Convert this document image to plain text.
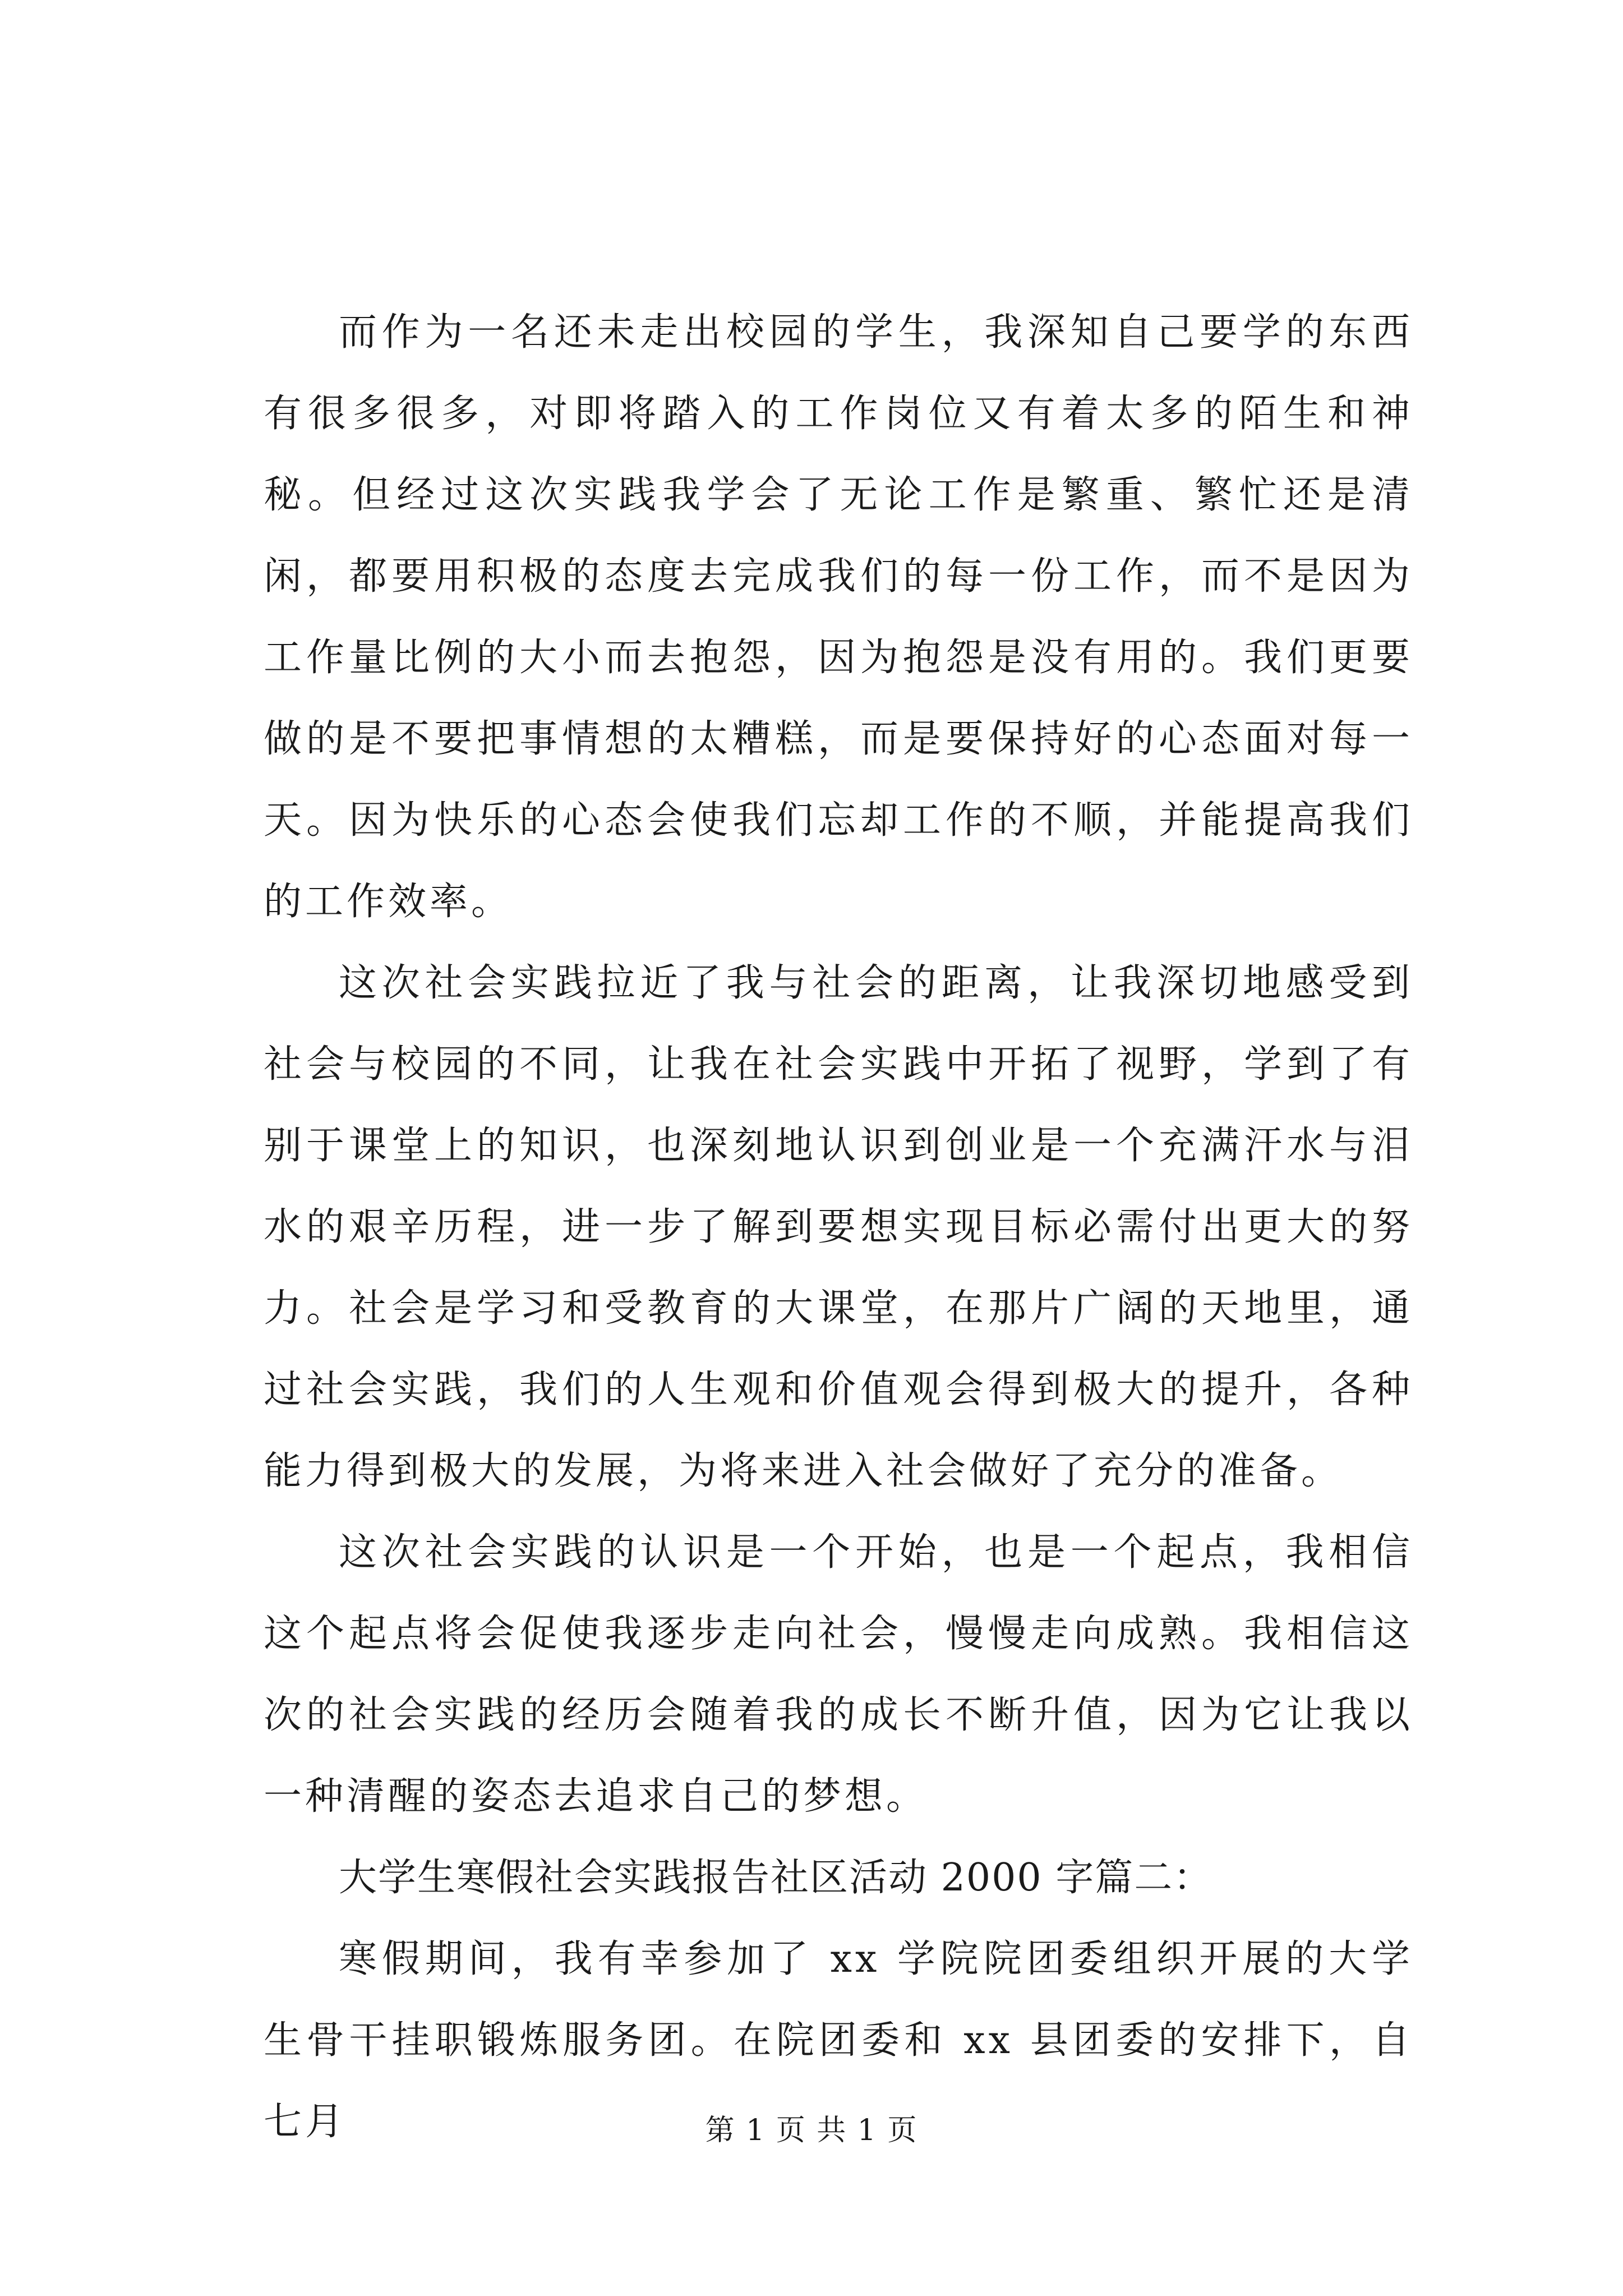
而作为一名还未走出校园的学生，我深知自己要学的东西有很多很多，对即将踏入的工作岗位又有着太多的陌生和神秘。但经过这次实践我学会了无论工作是繁重、繁忙还是清闲，都要用积极的态度去完成我们的每一份工作，而不是因为工作量比例的大小而去抱怨，因为抱怨是没有用的。我们更要做的是不要把事情想的太糟糕，而是要保持好的心态面对每一天。因为快乐的心态会使我们忘却工作的不顺，并能提高我们的工作效率。

这次社会实践拉近了我与社会的距离，让我深切地感受到社会与校园的不同，让我在社会实践中开拓了视野，学到了有别于课堂上的知识，也深刻地认识到创业是一个充满汗水与泪水的艰辛历程，进一步了解到要想实现目标必需付出更大的努力。社会是学习和受教育的大课堂，在那片广阔的天地里，通过社会实践，我们的人生观和价值观会得到极大的提升，各种能力得到极大的发展，为将来进入社会做好了充分的准备。

这次社会实践的认识是一个开始，也是一个起点，我相信这个起点将会促使我逐步走向社会，慢慢走向成熟。我相信这次的社会实践的经历会随着我的成长不断升值，因为它让我以一种清醒的姿态去追求自己的梦想。

大学生寒假社会实践报告社区活动 2000 字篇二：

寒假期间，我有幸参加了 xx 学院院团委组织开展的大学生骨干挂职锻炼服务团。在院团委和 xx 县团委的安排下，自七月	第 1 页 共 1 页
